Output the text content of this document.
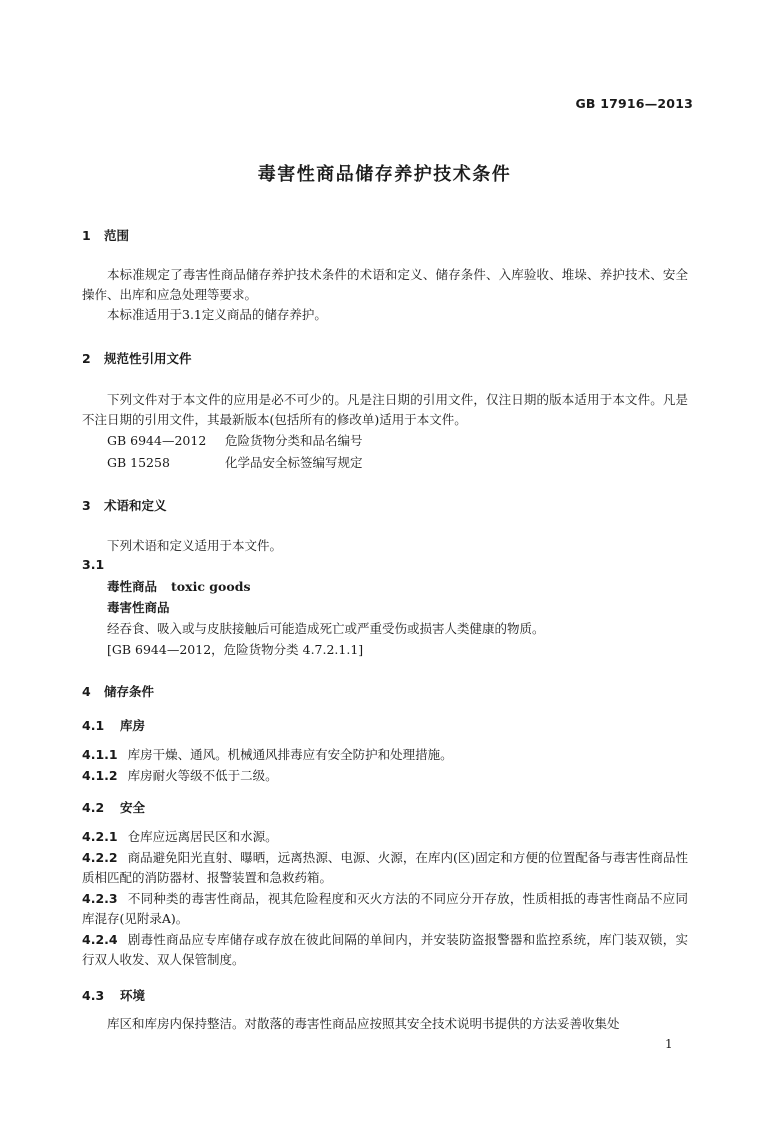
GB 17916—2013
毒害性商品储存养护技术条件
1 范围
本标准规定了毒害性商品储存养护技术条件的术语和定义、储存条件、入库验收、堆垛、养护技术、安全操作、出库和应急处理等要求。
本标准适用于3.1定义商品的储存养护。
2 规范性引用文件
下列文件对于本文件的应用是必不可少的。凡是注日期的引用文件，仅注日期的版本适用于本文件。凡是不注日期的引用文件，其最新版本(包括所有的修改单)适用于本文件。
GB 6944—2012 危险货物分类和品名编号
GB 15258	化学品安全标签编写规定
3 术语和定义
下列术语和定义适用于本文件。
3.1
毒性商品 toxic goods
毒害性商品
经吞食、吸入或与皮肤接触后可能造成死亡或严重受伤或损害人类健康的物质。
[GB 6944—2012，危险货物分类 4.7.2.1.1]
4 储存条件
4.1 库房
4.1.1 库房干燥、通风。机械通风排毒应有安全防护和处理措施。
4.1.2 库房耐火等级不低于二级。
4.2 安全
4.2.1 仓库应远离居民区和水源。
4.2.2 商品避免阳光直射、曝晒，远离热源、电源、火源，在库内(区)固定和方便的位置配备与毒害性商品性质相匹配的消防器材、报警装置和急救药箱。
4.2.3 不同种类的毒害性商品，视其危险程度和灭火方法的不同应分开存放，性质相抵的毒害性商品不应同库混存(见附录A)。
4.2.4 剧毒性商品应专库储存或存放在彼此间隔的单间内，并安装防盗报警器和监控系统，库门装双锁，实行双人收发、双人保管制度。
4.3 环境
库区和库房内保持整洁。对散落的毒害性商品应按照其安全技术说明书提供的方法妥善收集处
1
